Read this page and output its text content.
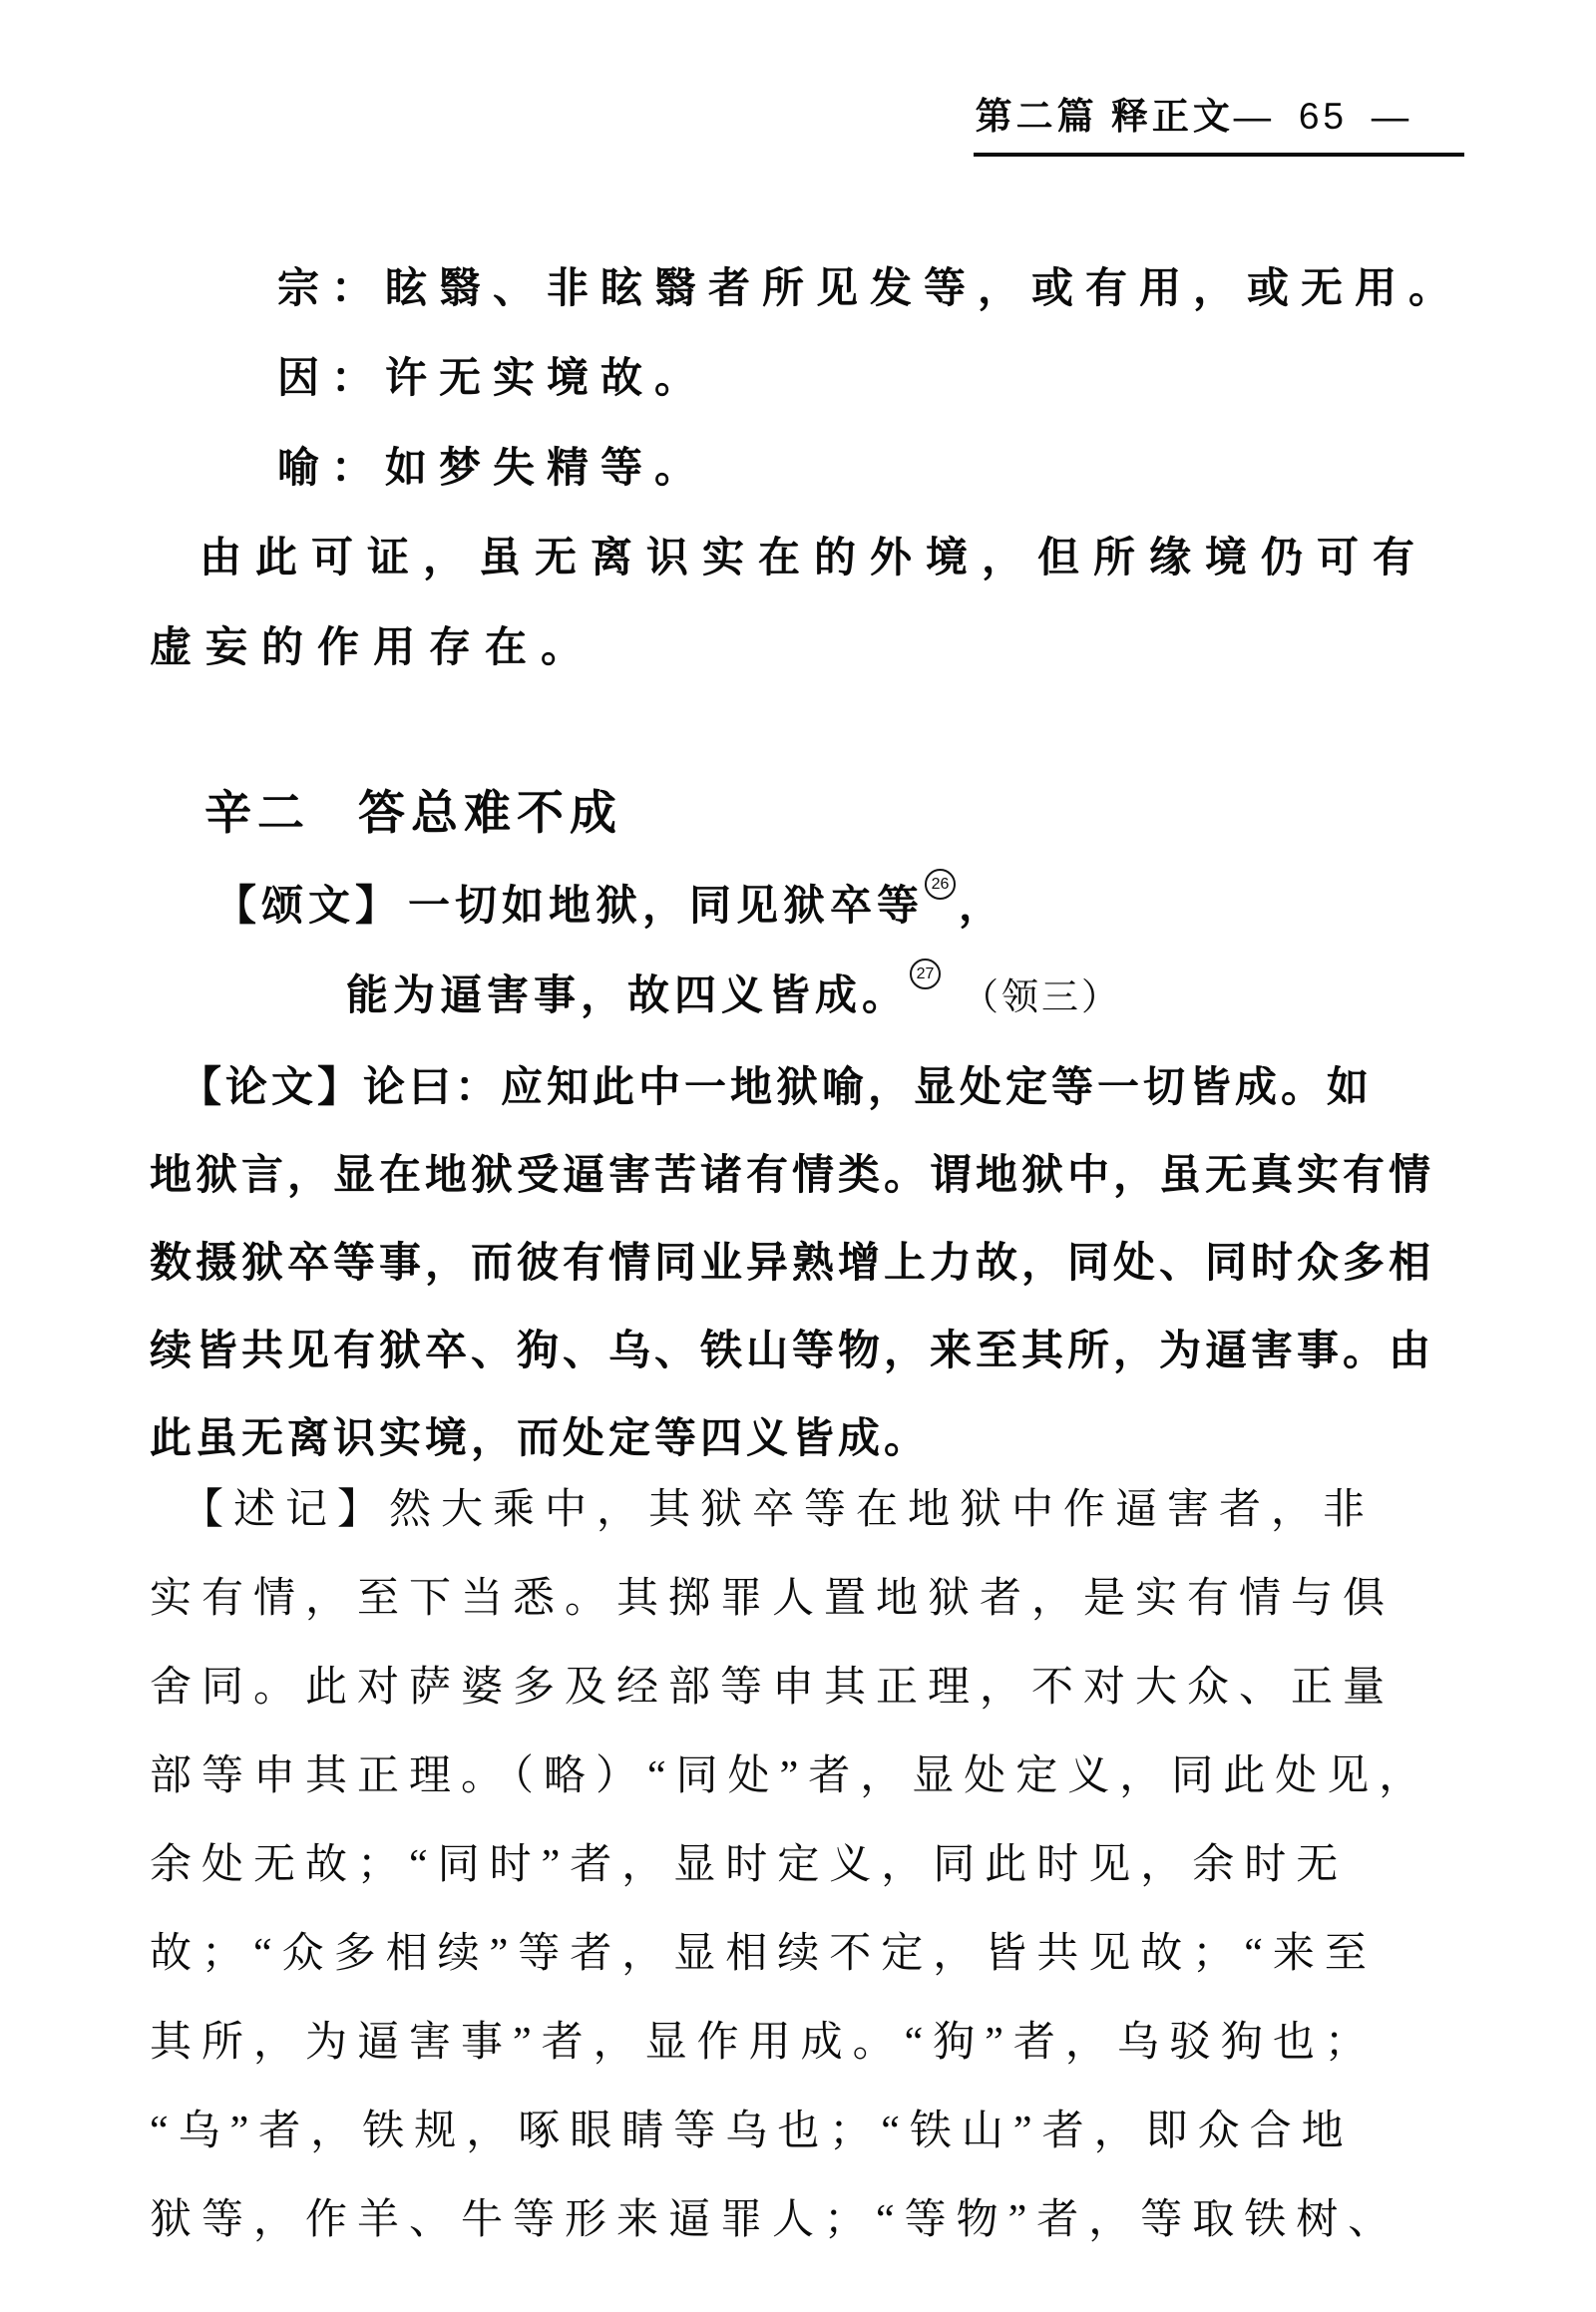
第二篇 释正文— 65 —
宗：眩翳、非眩翳者所见发等，或有用，或无用。
因：许无实境故。
喻：如梦失精等。
由此可证，虽无离识实在的外境，但所缘境仍可有
虚妄的作用存在。
辛二 答总难不成
【颂文】 一切如地狱，同见狱卒等 26 ，
能为逼害事，故四义皆成。 27（领三）
【论文】论曰：应知此中一地狱喻，显处定等一切皆成。如
地狱言，显在地狱受逼害苦诸有情类。谓地狱中，虽无真实有情
数摄狱卒等事，而彼有情同业异熟增上力故，同处、同时众多相
续皆共见有狱卒、狗、乌、铁山等物，来至其所，为逼害事。由
此虽无离识实境，而处定等四义皆成。
【述记】然大乘中，其狱卒等在地狱中作逼害者，非
实有情，至下当悉。其掷罪人置地狱者，是实有情与俱
舍同。此对萨婆多及经部等申其正理，不对大众、正量
部等申其正理。（略）“同处”者，显处定义，同此处见，
余处无故；“同时”者，显时定义，同此时见，余时无
故；“众多相续”等者，显相续不定，皆共见故；“来至
其所，为逼害事”者，显作用成。“狗”者，乌驳狗也；
“乌”者，铁规，啄眼睛等乌也；“铁山”者，即众合地
狱等，作羊、牛等形来逼罪人；“等物”者，等取铁树、
